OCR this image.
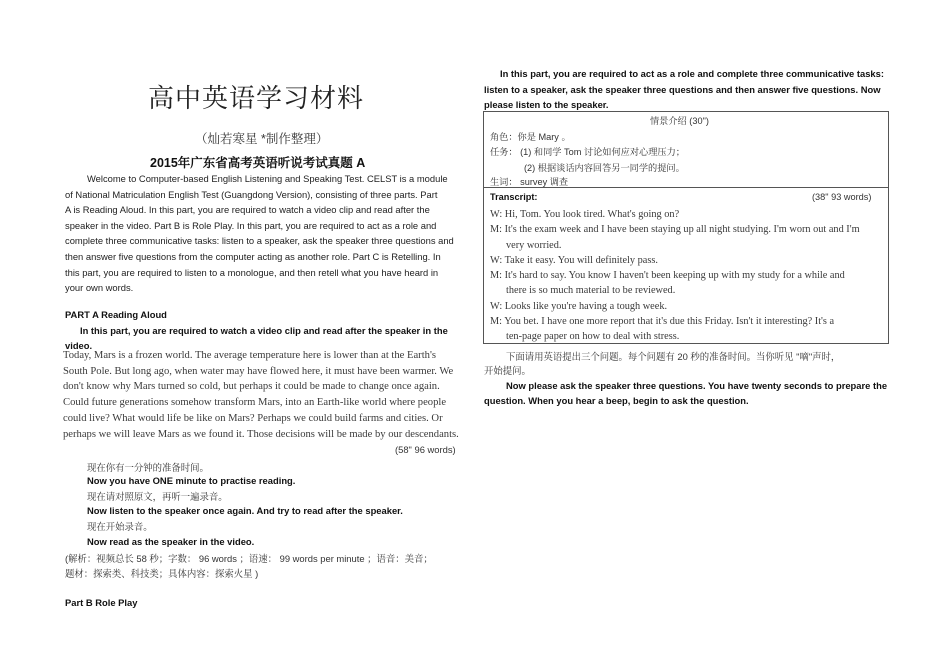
高中英语学习材料
（灿若寒星 *制作整理）
2015年广东省高考英语听说考试真题 A
Welcome to Computer-based English Listening and Speaking Test. CELST is a module
of National Matriculation English Test (Guangdong Version), consisting of three parts. Part
A is Reading Aloud. In this part, you are required to watch a video clip and read after the
speaker in the video. Part B is Role Play. In this part, you are required to act as a role and
complete three communicative tasks: listen to a speaker, ask the speaker three questions and
then answer five questions from the computer acting as another role. Part C is Retelling. In
this part, you are required to listen to a monologue, and then retell what you have heard in
your own words.
PART A Reading Aloud
In this part, you are required to watch a video clip and read after the speaker in the
video.
Today, Mars is a frozen world. The average temperature here is lower than at the Earth's
South Pole. But long ago, when water may have flowed here, it must have been warmer. We
don't know why Mars turned so cold, but perhaps it could be made to change once again.
Could future generations somehow transform Mars, into an Earth-like world where people
could live? What would life be like on Mars? Perhaps we could build farms and cities. Or
perhaps we will leave Mars as we found it. Those decisions will be made by our descendants.
(58" 96 words)
现在你有一分钟的准备时间。
Now you have ONE minute to practise reading.
现在请对照原文，再听一遍录音。
Now listen to the speaker once again. And try to read after the speaker.
现在开始录音。
Now read as the speaker in the video.
(解析：视频总长 58 秒；字数： 96 words ；语速： 99 words per minute ；语音：美音；
题材：探索类、科技类；具体内容：探索火星 )
Part B Role Play
In this part, you are required to act as a role and complete three communicative tasks:
listen to a speaker, ask the speaker three questions and then answer five questions. Now
please listen to the speaker.
情景介绍 (30")
角色：你是 Mary 。
任务： (1) 和同学 Tom 讨论如何应对心理压力；
(2) 根据谈话内容回答另一同学的提问。
生词： survey 调查
Transcript:	(38" 93 words)
W: Hi, Tom. You look tired. What's going on?
M: It's the exam week and I have been staying up all night studying. I'm worn out and I'm
very worried.
W: Take it easy. You will definitely pass.
M: It's hard to say. You know I haven't been keeping up with my study for a while and
there is so much material to be reviewed.
W: Looks like you're having a tough week.
M: You bet. I have one more report that it's due this Friday. Isn't it interesting? It's a
ten-page paper on how to deal with stress.
下面请用英语提出三个问题。每个问题有 20 秒的准备时间。当你听见 "嘀"声时，
开始提问。
Now please ask the speaker three questions. You have twenty seconds to prepare the
question. When you hear a beep, begin to ask the question.
